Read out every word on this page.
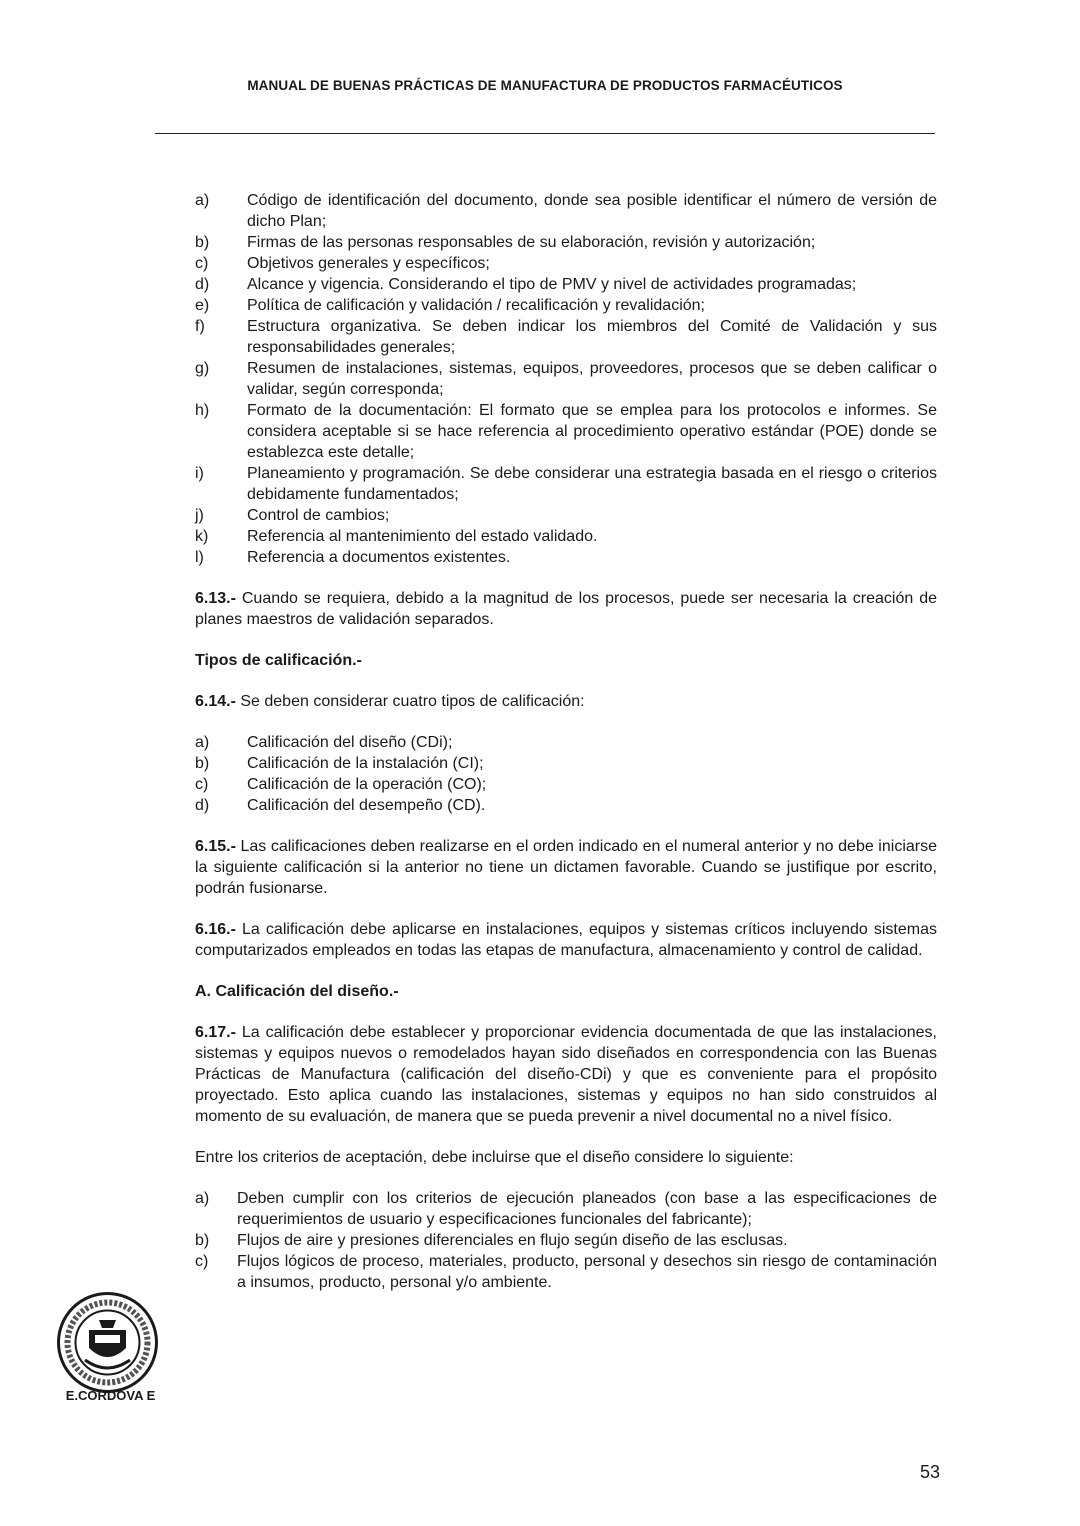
MANUAL DE BUENAS PRÁCTICAS DE MANUFACTURA DE PRODUCTOS FARMACÉUTICOS
a)	Código de identificación del documento, donde sea posible identificar el número de versión de dicho Plan;
b)	Firmas de las personas responsables de su elaboración, revisión y autorización;
c)	Objetivos generales y específicos;
d)	Alcance y vigencia. Considerando el tipo de PMV y nivel de actividades programadas;
e)	Política de calificación y validación / recalificación y revalidación;
f)	Estructura organizativa. Se deben indicar los miembros del Comité de Validación y sus responsabilidades generales;
g)	Resumen de instalaciones, sistemas, equipos, proveedores, procesos que se deben calificar o validar, según corresponda;
h)	Formato de la documentación: El formato que se emplea para los protocolos e informes. Se considera aceptable si se hace referencia al procedimiento operativo estándar (POE) donde se establezca este detalle;
i)	Planeamiento y programación. Se debe considerar una estrategia basada en el riesgo o criterios debidamente fundamentados;
j)	Control de cambios;
k)	Referencia al mantenimiento del estado validado.
l)	Referencia a documentos existentes.

6.13.- Cuando se requiera, debido a la magnitud de los procesos, puede ser necesaria la creación de planes maestros de validación separados.

Tipos de calificación.-

6.14.- Se deben considerar cuatro tipos de calificación:

a)	Calificación del diseño (CDi);
b)	Calificación de la instalación (CI);
c)	Calificación de la operación (CO);
d)	Calificación del desempeño (CD).

6.15.- Las calificaciones deben realizarse en el orden indicado en el numeral anterior y no debe iniciarse la siguiente calificación si la anterior no tiene un dictamen favorable. Cuando se justifique por escrito, podrán fusionarse.

6.16.- La calificación debe aplicarse en instalaciones, equipos y sistemas críticos incluyendo sistemas computarizados empleados en todas las etapas de manufactura, almacenamiento y control de calidad.

A. Calificación del diseño.-

6.17.- La calificación debe establecer y proporcionar evidencia documentada de que las instalaciones, sistemas y equipos nuevos o remodelados hayan sido diseñados en correspondencia con las Buenas Prácticas de Manufactura (calificación del diseño-CDi) y que es conveniente para el propósito proyectado. Esto aplica cuando las instalaciones, sistemas y equipos no han sido construidos al momento de su evaluación, de manera que se pueda prevenir a nivel documental no a nivel físico.

Entre los criterios de aceptación, debe incluirse que el diseño considere lo siguiente:

a)	Deben cumplir con los criterios de ejecución planeados (con base a las especificaciones de requerimientos de usuario y especificaciones funcionales del fabricante);
b)	Flujos de aire y presiones diferenciales en flujo según diseño de las esclusas.
c)	Flujos lógicos de proceso, materiales, producto, personal y desechos sin riesgo de contaminación a insumos, producto, personal y/o ambiente.
E.CÓRDOVA E
53
